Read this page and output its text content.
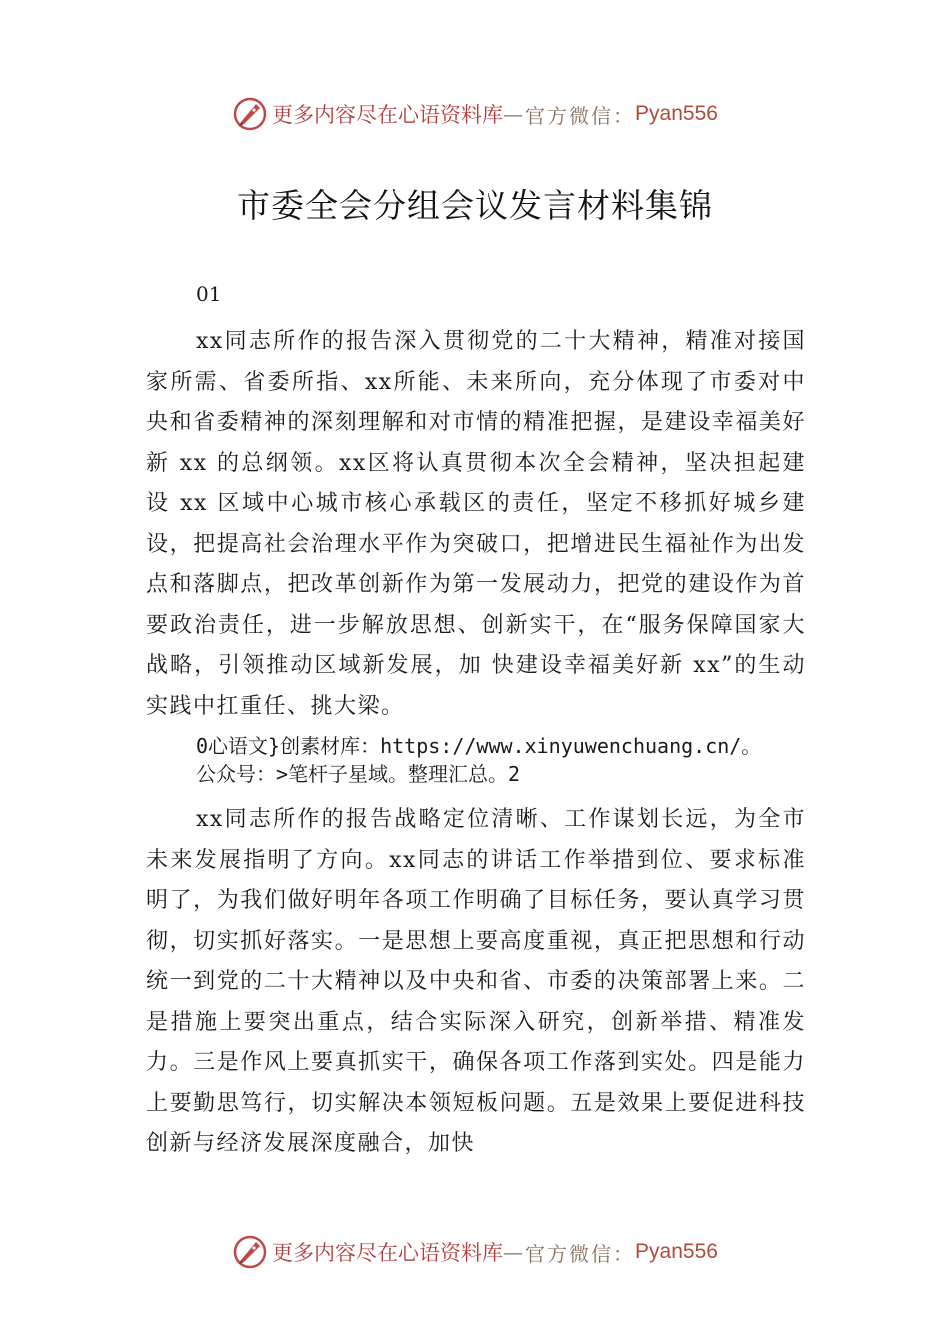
更多内容尽在心语资料库 — 官方微信： Pyan556
市委全会分组会议发言材料集锦
01

xx同志所作的报告深入贯彻党的二十大精神，精准对接国家所需、省委所指、xx所能、未来所向，充分体现了市委对中央和省委精神的深刻理解和对市情的精准把握，是建设幸福美好新 xx 的总纲领。xx区将认真贯彻本次全会精神，坚决担起建设 xx 区域中心城市核心承载区的责任，坚定不移抓好城乡建设，把提高社会治理水平作为突破口，把增进民生福祉作为出发点和落脚点，把改革创新作为第一发展动力，把党的建设作为首要政治责任，进一步解放思想、创新实干，在“服务保障国家大战略，引领推动区域新发展，加 快建设幸福美好新 xx”的生动实践中扛重任、挑大梁。

0心语文}创素材库：https://www.xinyuwenchuang.cn/。
公众号：>笔杆子星域。整理汇总。2

xx同志所作的报告战略定位清晰、工作谋划长远，为全市未来发展指明了方向。xx同志的讲话工作举措到位、要求标准明了，为我们做好明年各项工作明确了目标任务，要认真学习贯彻，切实抓好落实。一是思想上要高度重视，真正把思想和行动统一到党的二十大精神以及中央和省、市委的决策部署上来。二是措施上要突出重点，结合实际深入研究，创新举措、精准发力。三是作风上要真抓实干，确保各项工作落到实处。四是能力上要勤思笃行，切实解决本领短板问题。五是效果上要促进科技创新与经济发展深度融合，加快

更多内容尽在心语资料库 — 官方微信： Pyan556
